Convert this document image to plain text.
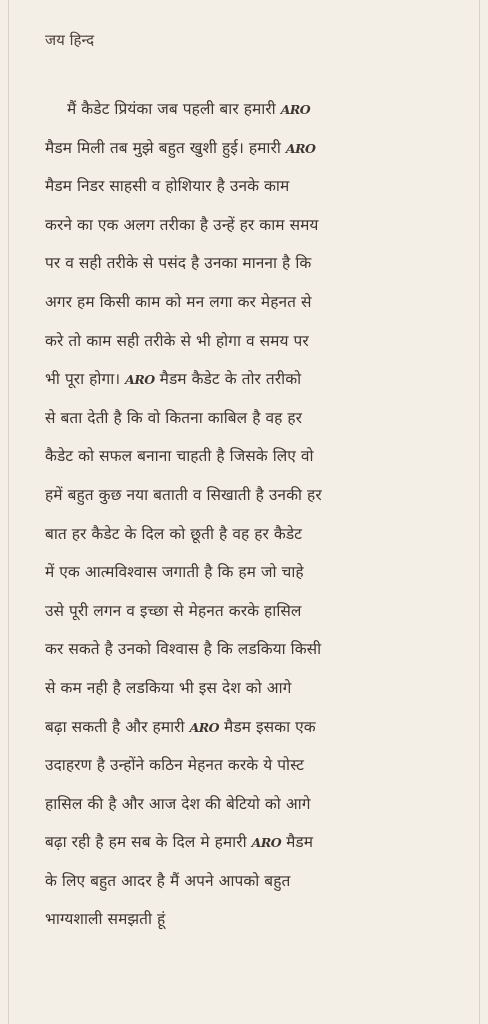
जय हिन्द
मैं कैडेट प्रियंका जब पहली बार हमारी ARO
मैडम मिली तब मुझे बहुत खुशी हुई। हमारी ARO
मैडम निडर साहसी व होशियार है उनके काम
करने का एक अलग तरीका है उन्हें हर काम समय
पर व सही तरीके से पसंद है उनका मानना है कि
अगर हम किसी काम को मन लगा कर मेहनत से
करे तो काम सही तरीके से भी होगा व समय पर
भी पूरा होगा। ARO मैडम कैडेट के तोर तरीको
से बता देती है कि वो कितना काबिल है वह हर
कैडेट को सफल बनाना चाहती है जिसके लिए वो
हमें बहुत कुछ नया बताती व सिखाती है उनकी हर
बात हर कैडेट के दिल को छूती है वह हर कैडेट
में एक आत्मविश्वास जगाती है कि हम जो चाहे
उसे पूरी लगन व इच्छा से मेहनत करके हासिल
कर सकते है उनको विश्वास है कि लडकिया किसी
से कम नही है लडकिया भी इस देश को आगे
बढ़ा सकती है और हमारी ARO मैडम इसका एक
उदाहरण है उन्होंने कठिन मेहनत करके ये पोस्ट
हासिल की है और आज देश की बेटियो को आगे
बढ़ा रही है हम सब के दिल मे हमारी ARO मैडम
के लिए बहुत आदर है मैं अपने आपको बहुत
भाग्यशाली समझती हूं
